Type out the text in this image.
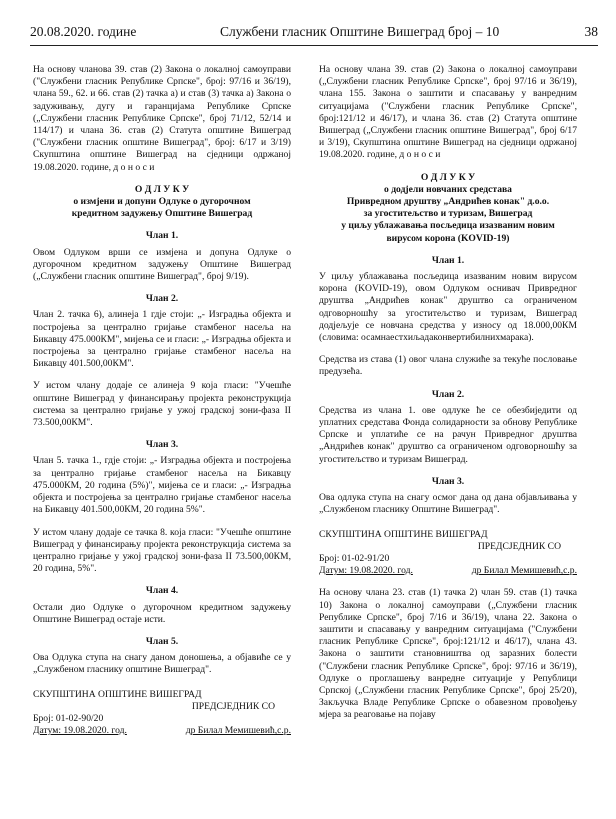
20.08.2020. године	Службени гласник Општине Вишеград број – 10	38

На основу чланова 39. став (2) Закона о локалној самоуправи ("Службени гласник Републике Српске", број: 97/16 и 36/19), члана 59., 62. и 66. став (2) тачка а) и став (3) тачка а) Закона о задуживању, дугу и гаранцијама Републике Српске („Службени гласник Републике Српске", број 71/12, 52/14 и 114/17) и члана 36. став (2) Статута општине Вишеград ("Службени гласник општине Вишеград", број: 6/17 и 3/19) Скупштина општине Вишеград на сједници одржаној 19.08.2020. године, д о н о с и

О Д Л У К У

о измјени и допуни Одлуке о дугорочном

кредитном задужењу Општине Вишеград

Члан 1.

Овом Одлуком врши се измјена и допуна Одлуке о дугорочном кредитном задужењу Општине Вишеград („Службени гласник општине Вишеград", број 9/19).

Члан 2.

Члан 2. тачка 6), алинеја 1 гдје стоји: „- Изградња објекта и постројења за централно гријање стамбеног насеља на Бикавцу 475.000КМ", мијења се и гласи: „- Изградња објекта и постројења за централно гријање стамбеног насеља на Бикавцу 401.500,00КМ".

У истом члану додаје се алинеја 9 која гласи: "Учешће општине Вишеград у финансирању пројекта реконструкција система за централно гријање у ужој градској зони-фаза II 73.500,00КМ".

Члан 3.

Члан 5. тачка 1., гдје стоји: „- Изградња објекта и постројења за централно гријање стамбеног насеља на Бикавцу 475.000КМ, 20 година (5%)", мијења се и гласи: „- Изградња објекта и постројења за централно гријање стамбеног насеља на Бикавцу 401.500,00КМ, 20 година 5%".

У истом члану додаје се тачка 8. која гласи: "Учешће општине Вишеград у финансирању пројекта реконструкција система за централно гријање у ужој градској зони-фаза II 73.500,00КМ, 20 година, 5%".

Члан 4.

Остали дио Одлуке о дугорочном кредитном задужењу Општине Вишеград остаје исти.

Члан 5.

Ова Одлука ступа на снагу даном доношења, а објавиће се у „Службеном гласнику општине Вишеград".

СКУПШТИНА ОПШТИНЕ ВИШЕГРАД
ПРЕДСЈЕДНИК СО
Број: 01-02-90/20
Датум: 19.08.2020. год.	др Билал Мемишевић,с.р.

На основу члана 39. став (2) Закона о локалној самоуправи („Службени гласник Републике Српске", број 97/16 и 36/19), члана 155. Закона о заштити и спасавању у ванредним ситуацијама ("Службени гласник Републике Српске", број:121/12 и 46/17), и члана 36. став (2) Статута општине Вишеград („Службени гласник општине Вишеград", број 6/17 и 3/19), Скупштина општине Вишеград на сједници одржаној 19.08.2020. године, д о н о с и

О Д Л У К У

о додјели новчаних средстава

Привредном друштву „Андрићев конак" д.о.о.

за угоститељство и туризам, Вишеград

у циљу ублажавања посљедица изазваним новим

вирусом корона (KOVID-19)

Члан 1.

У циљу ублажавања посљедица изазваним новим вирусом корона (KOVID-19), овом Одлуком оснивач Привредног друштва „Андрићев конак" друштво са ограниченом одговорношћу за угоститељство и туризам, Вишеград додјељује се новчана средства у износу од 18.000,00КМ (словима: осамнаестхиљадаконвертибилнихмарака).

Средства из става (1) овог члана служиће за текуће пословање предузећа.

Члан 2.

Средства из члана 1. ове одлуке ће се обезбиједити од уплатних средстава Фонда солидарности за обнову Републике Српске и уплатиће се на рачун Привредног друштва „Андрићев конак" друштво са ограниченом одговорношћу за угоститељство и туризам Вишеград.

Члан 3.

Ова одлука ступа на снагу осмог дана од дана објављивања у „Службеном гласнику Општине Вишеград".

СКУПШТИНА ОПШТИНЕ ВИШЕГРАД
ПРЕДСЈЕДНИК СО
Број: 01-02-91/20
Датум: 19.08.2020. год.	др Билал Мемишевић,с.р.

На основу члана 23. став (1) тачка 2) члан 59. став (1) тачка 10) Закона о локалној самоуправи („Службени гласник Републике Српске", број 7/16 и 36/19), члана 22. Закона о заштити и спасавању у ванредним ситуацијама ("Службени гласник Републике Српске", број:121/12 и 46/17), члана 43. Закона о заштити становништва од заразних болести ("Службени гласник Републике Српске", број: 97/16 и 36/19), Одлуке о проглашењу ванредне ситуације у Републици Српској („Службени гласник Републике Српске", број 25/20), Закључка Владе Републике Српске о обавезном провођењу мјера за реаговање на појаву
